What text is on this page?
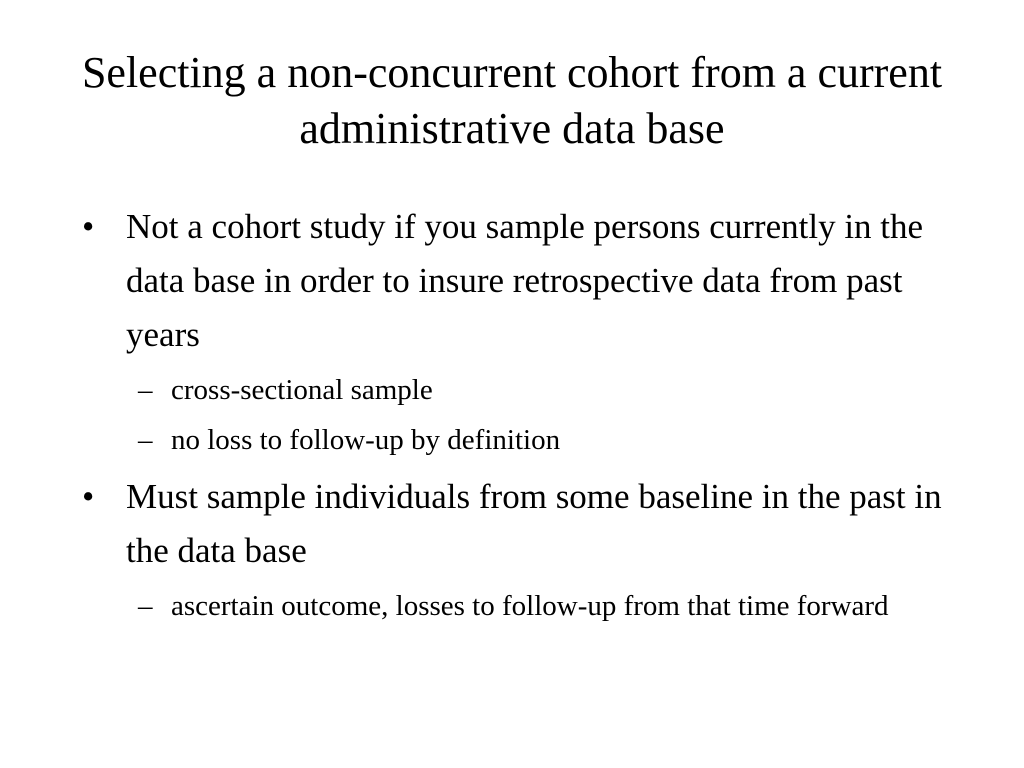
Selecting a non-concurrent cohort from a current administrative data base
• Not a cohort study if you sample persons currently in the data base in order to insure retrospective data from past years
– cross-sectional sample
– no loss to follow-up by definition
• Must sample individuals from some baseline in the past in the data base
– ascertain outcome, losses to follow-up from that time forward
